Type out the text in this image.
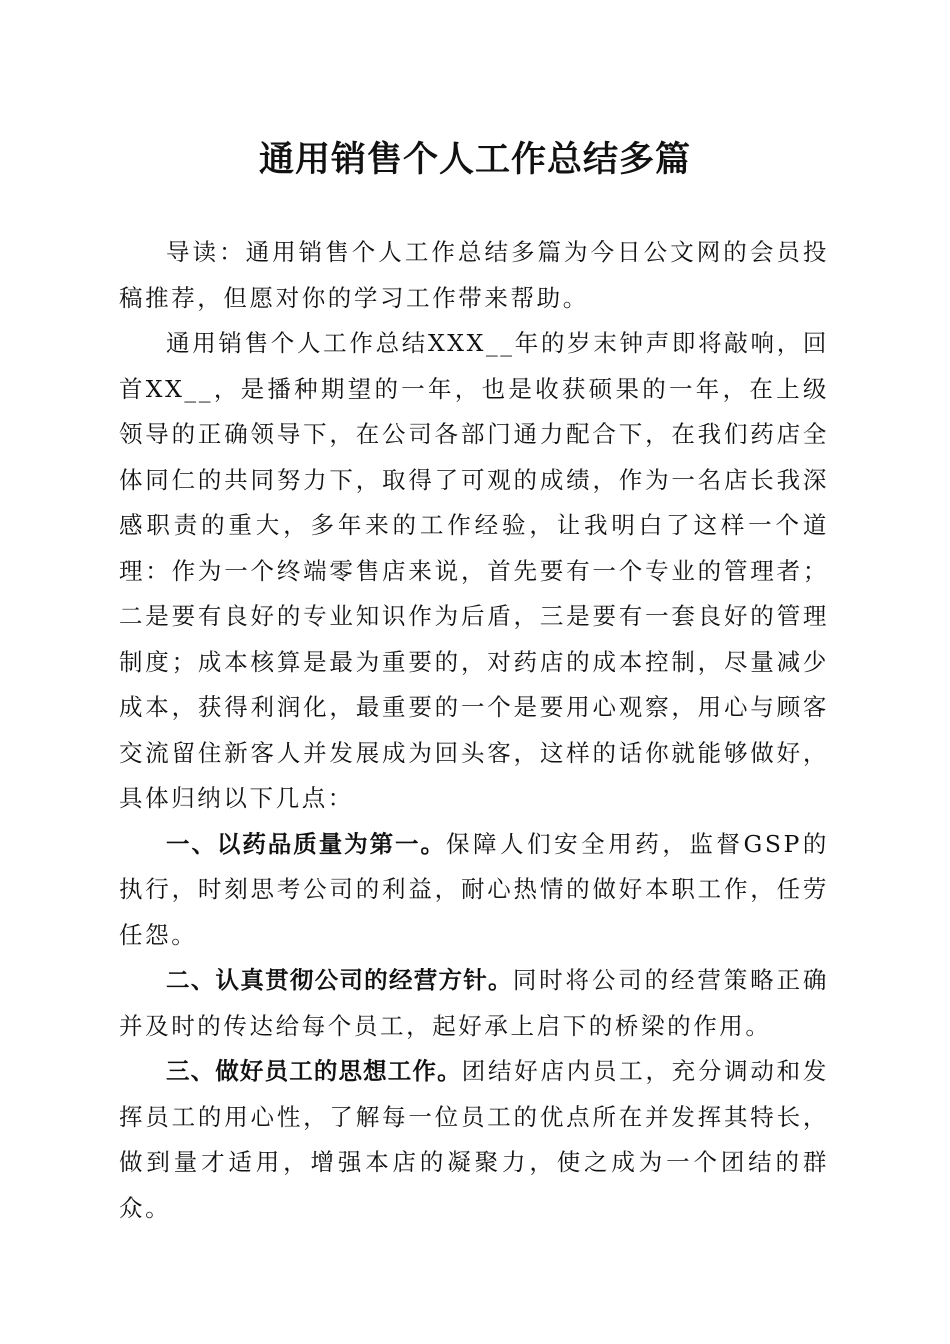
通用销售个人工作总结多篇

导读：通用销售个人工作总结多篇为今日公文网的会员投稿推荐，但愿对你的学习工作带来帮助。

通用销售个人工作总结XXX__年的岁末钟声即将敲响，回首XX__，是播种期望的一年，也是收获硕果的一年，在上级领导的正确领导下，在公司各部门通力配合下，在我们药店全体同仁的共同努力下，取得了可观的成绩，作为一名店长我深感职责的重大，多年来的工作经验，让我明白了这样一个道理：作为一个终端零售店来说，首先要有一个专业的管理者；二是要有良好的专业知识作为后盾，三是要有一套良好的管理制度；成本核算是最为重要的，对药店的成本控制，尽量减少成本，获得利润化，最重要的一个是要用心观察，用心与顾客交流留住新客人并发展成为回头客，这样的话你就能够做好，具体归纳以下几点：

一、以药品质量为第一。保障人们安全用药，监督GSP的执行，时刻思考公司的利益，耐心热情的做好本职工作，任劳任怨。

二、认真贯彻公司的经营方针。同时将公司的经营策略正确并及时的传达给每个员工，起好承上启下的桥梁的作用。

三、做好员工的思想工作。团结好店内员工，充分调动和发挥员工的用心性，了解每一位员工的优点所在并发挥其特长，做到量才适用，增强本店的凝聚力，使之成为一个团结的群众。
